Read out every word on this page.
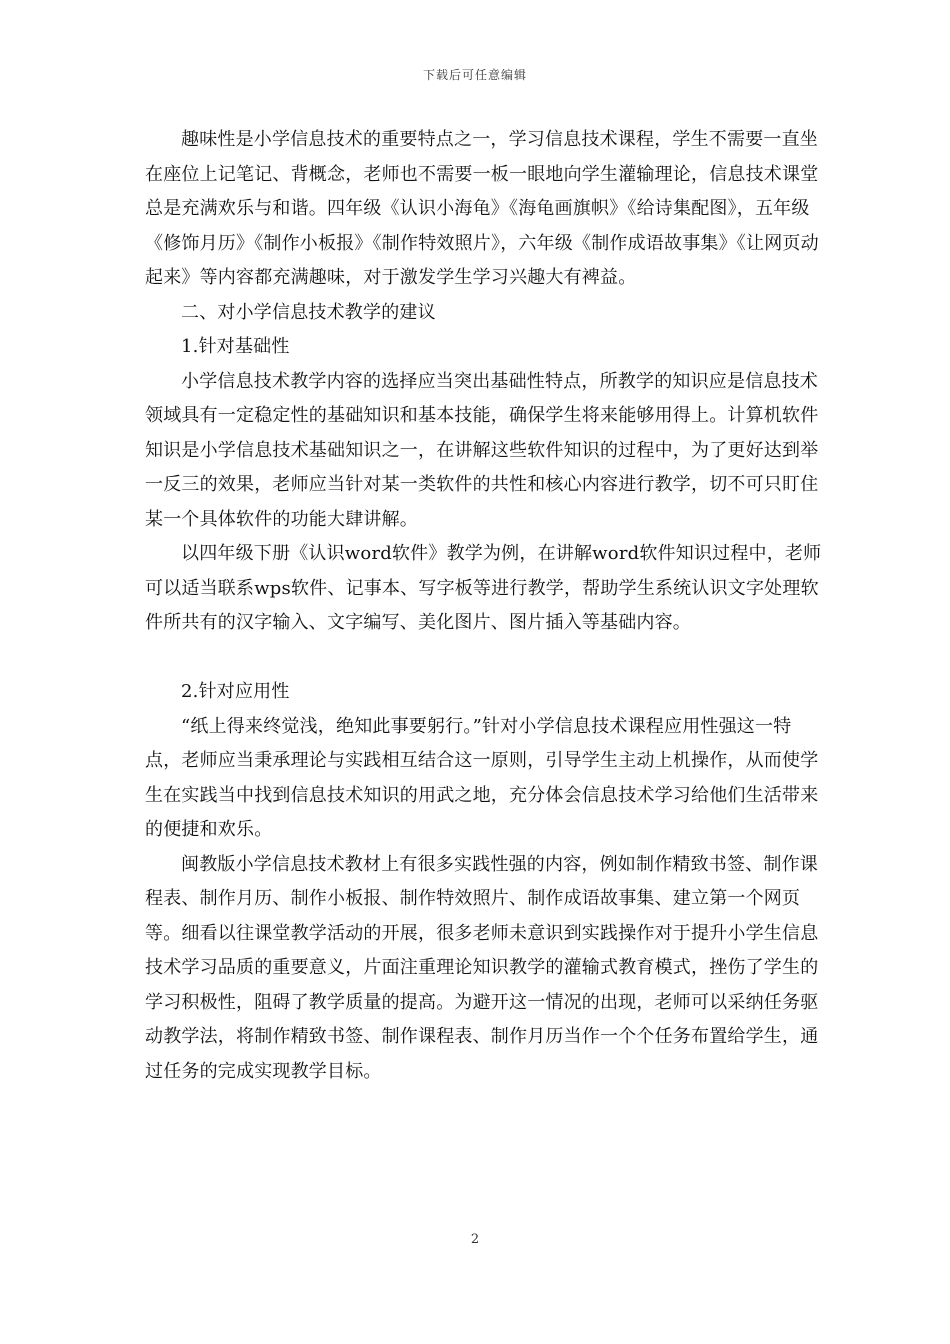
下载后可任意编辑

趣味性是小学信息技术的重要特点之一，学习信息技术课程，学生不需要一直坐在座位上记笔记、背概念，老师也不需要一板一眼地向学生灌输理论，信息技术课堂总是充满欢乐与和谐。四年级《认识小海龟》《海龟画旗帜》《给诗集配图》，五年级《修饰月历》《制作小板报》《制作特效照片》，六年级《制作成语故事集》《让网页动起来》等内容都充满趣味，对于激发学生学习兴趣大有裨益。

二、对小学信息技术教学的建议

1.针对基础性

小学信息技术教学内容的选择应当突出基础性特点，所教学的知识应是信息技术领域具有一定稳定性的基础知识和基本技能，确保学生将来能够用得上。计算机软件知识是小学信息技术基础知识之一，在讲解这些软件知识的过程中，为了更好达到举一反三的效果，老师应当针对某一类软件的共性和核心内容进行教学，切不可只盯住某一个具体软件的功能大肆讲解。

以四年级下册《认识word软件》教学为例，在讲解word软件知识过程中，老师可以适当联系wps软件、记事本、写字板等进行教学，帮助学生系统认识文字处理软件所共有的汉字输入、文字编写、美化图片、图片插入等基础内容。

2.针对应用性

“纸上得来终觉浅，绝知此事要躬行。”针对小学信息技术课程应用性强这一特点，老师应当秉承理论与实践相互结合这一原则，引导学生主动上机操作，从而使学生在实践当中找到信息技术知识的用武之地，充分体会信息技术学习给他们生活带来的便捷和欢乐。

闽教版小学信息技术教材上有很多实践性强的内容，例如制作精致书签、制作课程表、制作月历、制作小板报、制作特效照片、制作成语故事集、建立第一个网页等。细看以往课堂教学活动的开展，很多老师未意识到实践操作对于提升小学生信息技术学习品质的重要意义，片面注重理论知识教学的灌输式教育模式，挫伤了学生的学习积极性，阻碍了教学质量的提高。为避开这一情况的出现，老师可以采纳任务驱动教学法，将制作精致书签、制作课程表、制作月历当作一个个任务布置给学生，通过任务的完成实现教学目标。

2
